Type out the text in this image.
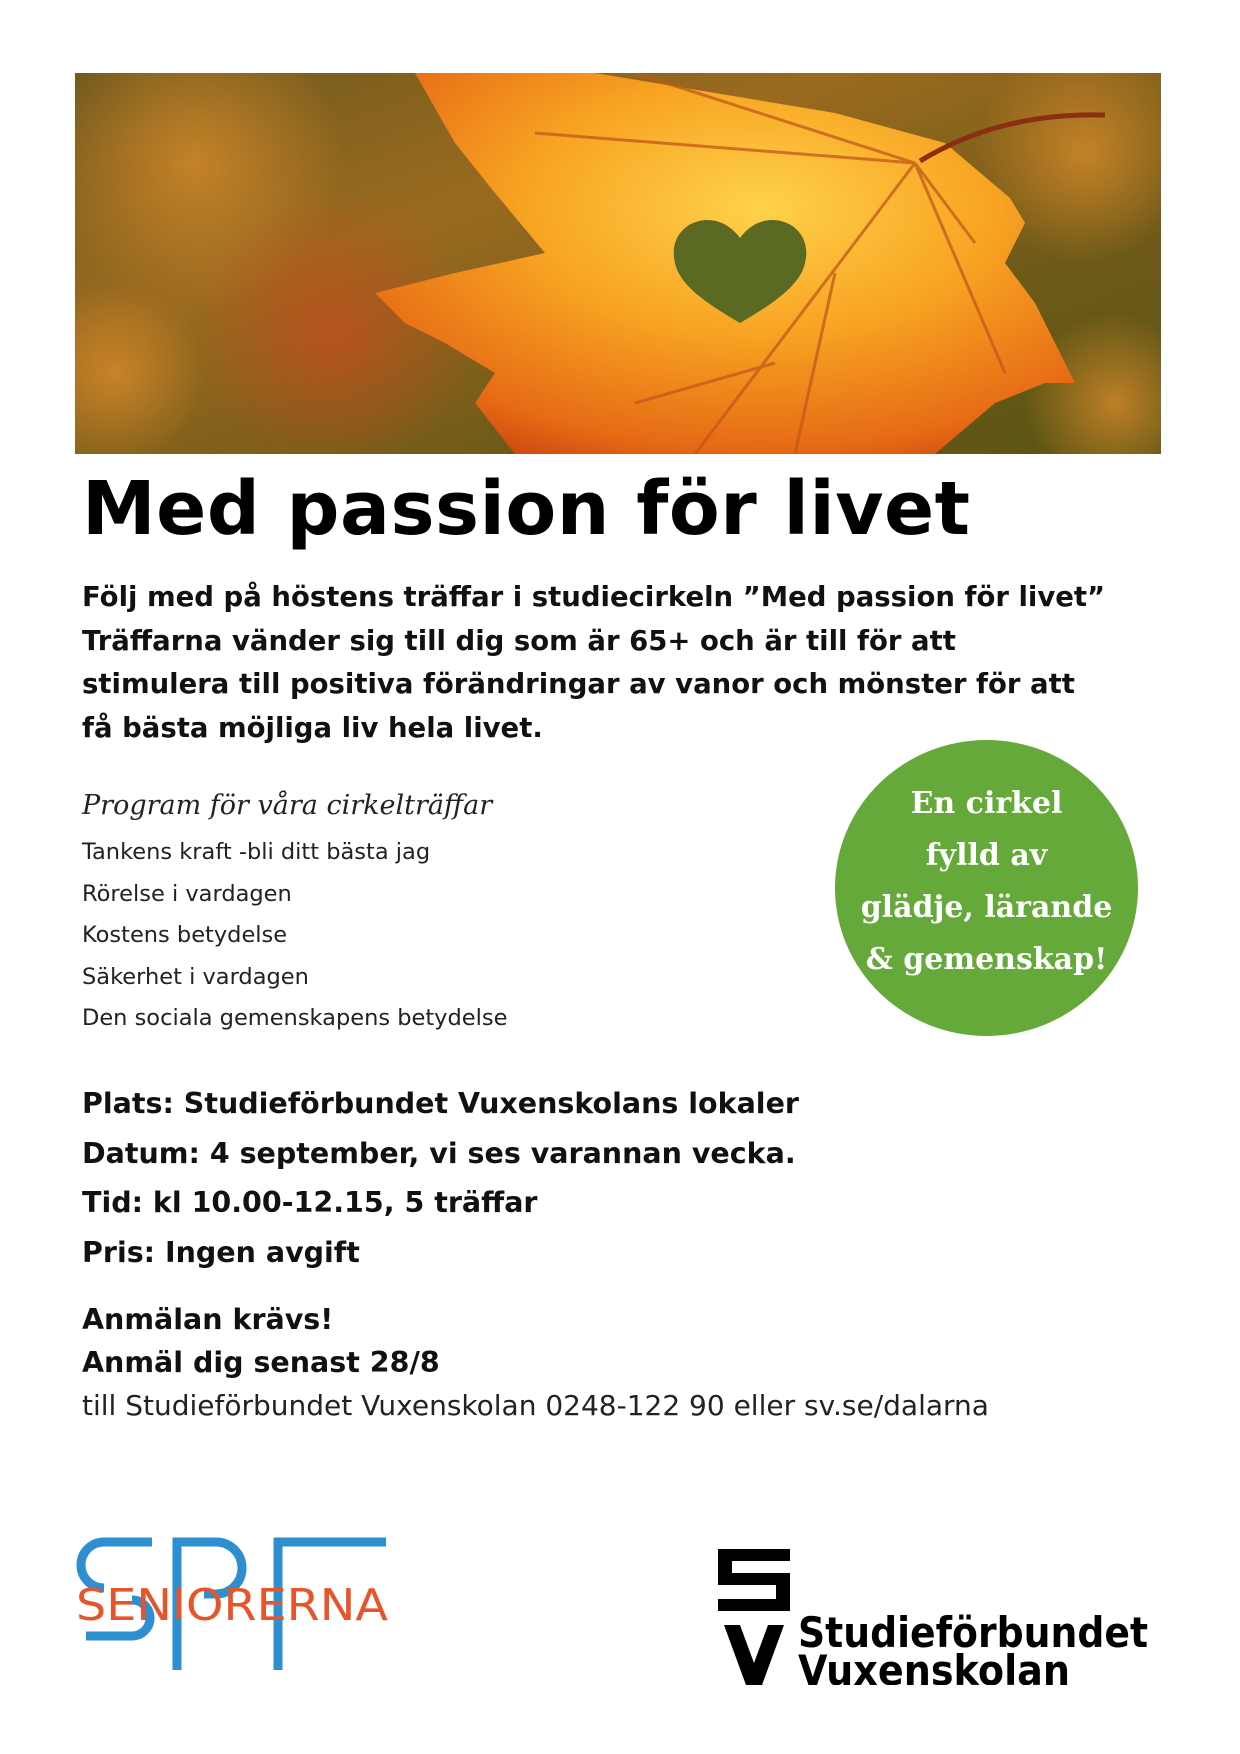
Med passion för livet
Följ med på höstens träffar i studiecirkeln ”Med passion för livet”
Träffarna vänder sig till dig som är 65+ och är till för att
stimulera till positiva förändringar av vanor och mönster för att
få bästa möjliga liv hela livet.
Program för våra cirkelträffar
Tankens kraft -bli ditt bästa jag
Rörelse i vardagen
Kostens betydelse
Säkerhet i vardagen
Den sociala gemenskapens betydelse
En cirkel
fylld av
glädje, lärande
& gemenskap!
Plats: Studieförbundet Vuxenskolans lokaler
Datum: 4 september, vi ses varannan vecka.
Tid: kl 10.00-12.15, 5 träffar
Pris: Ingen avgift
Anmälan krävs!
Anmäl dig senast 28/8
till Studieförbundet Vuxenskolan 0248-122 90 eller sv.se/dalarna
SENIORERNA
Studieförbundet
Vuxenskolan
